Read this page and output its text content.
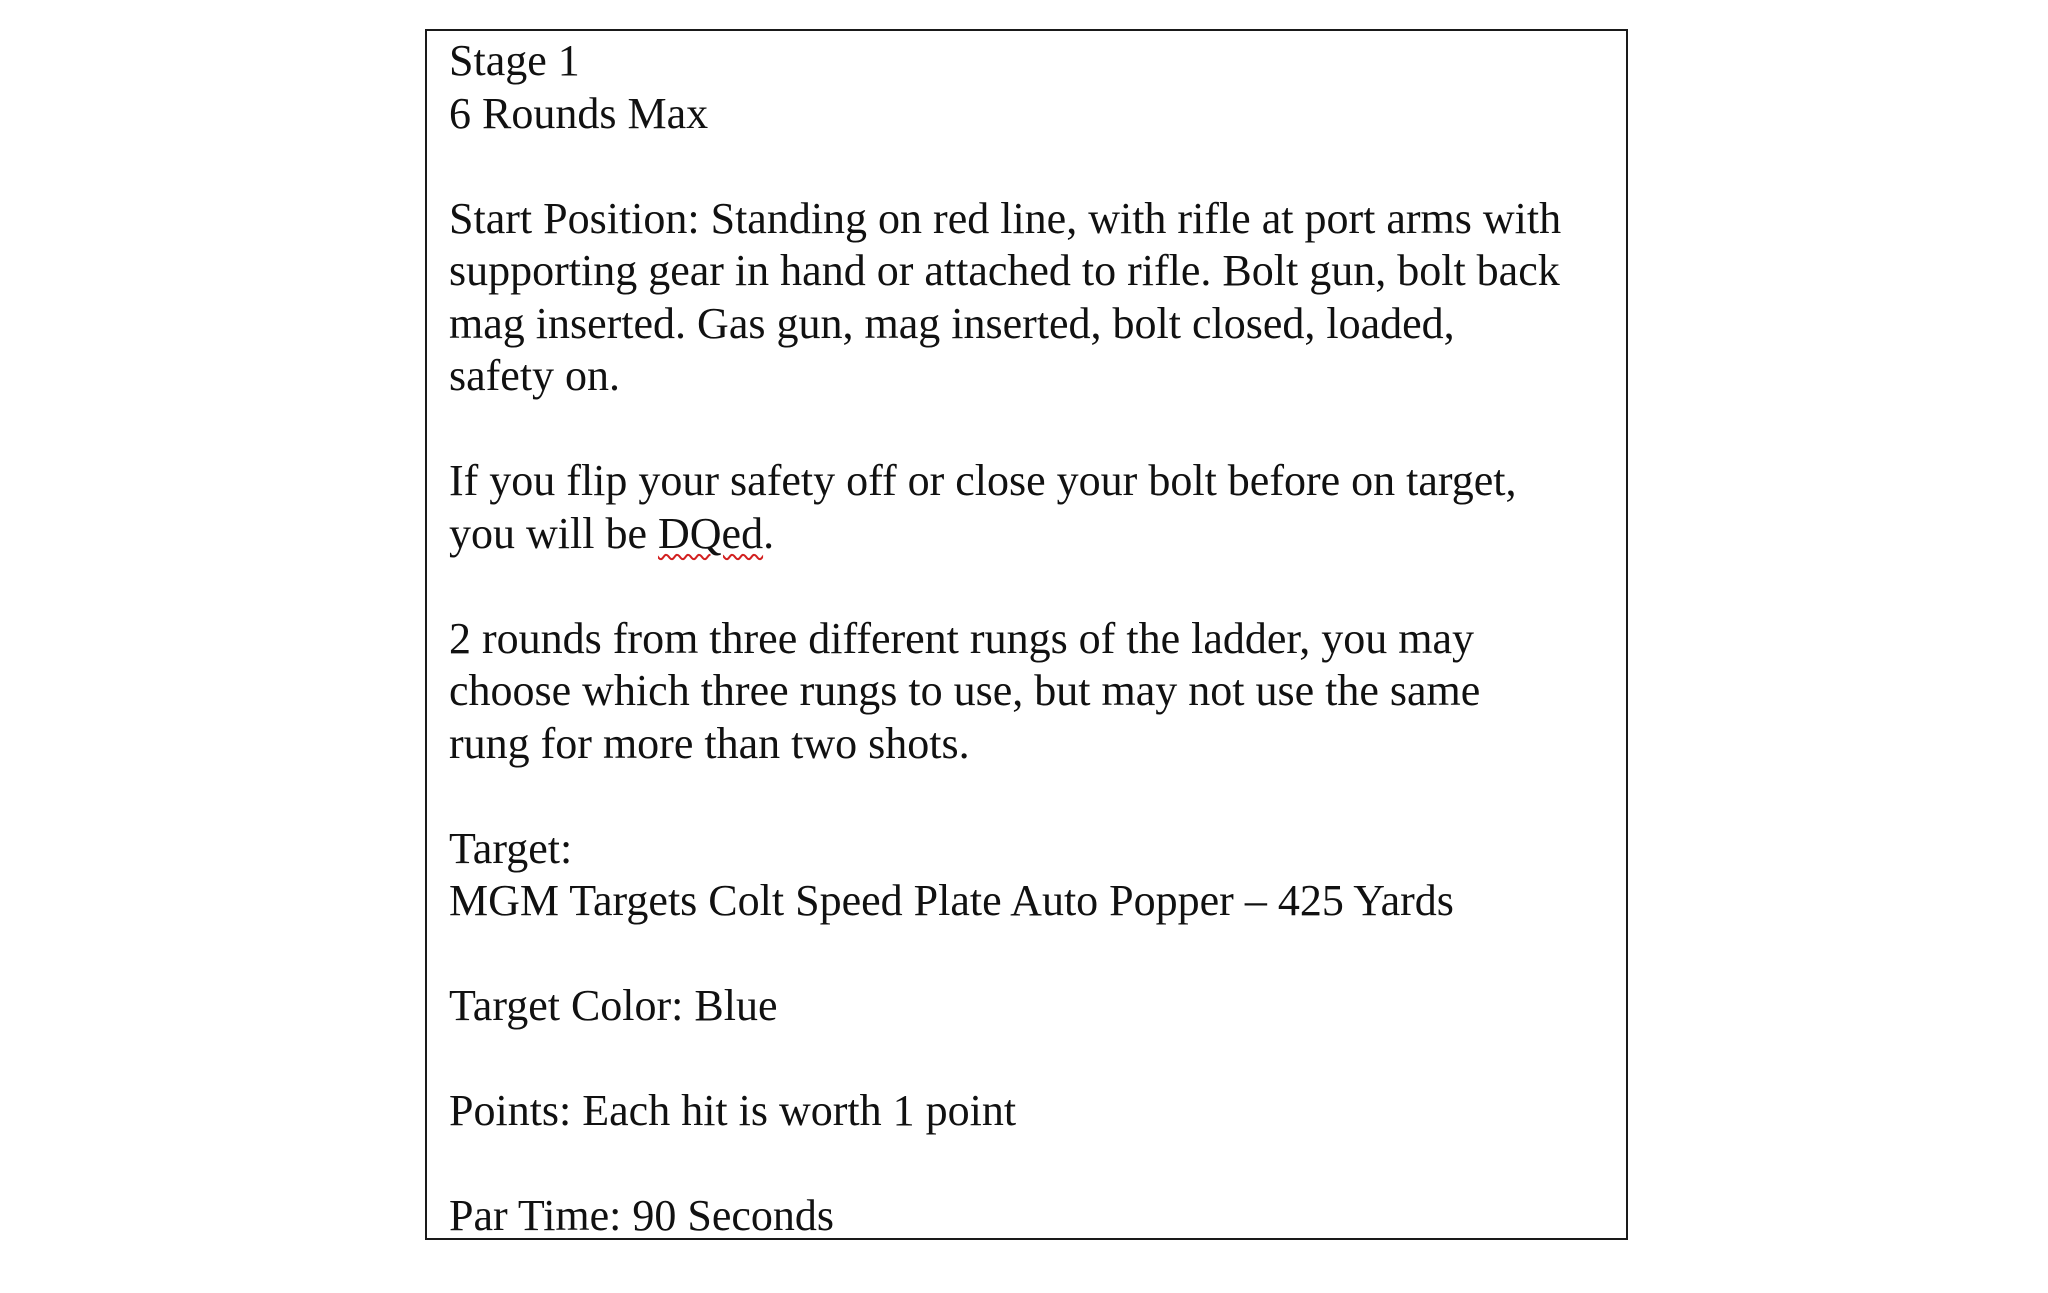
Stage 1
6 Rounds Max
Start Position: Standing on red line, with rifle at port arms with
supporting gear in hand or attached to rifle. Bolt gun, bolt back
mag inserted. Gas gun, mag inserted, bolt closed, loaded,
safety on.
If you flip your safety off or close your bolt before on target,
you will be DQed.
2 rounds from three different rungs of the ladder, you may
choose which three rungs to use, but may not use the same
rung for more than two shots.
Target:
MGM Targets Colt Speed Plate Auto Popper – 425 Yards
Target Color: Blue
Points: Each hit is worth 1 point
Par Time: 90 Seconds
